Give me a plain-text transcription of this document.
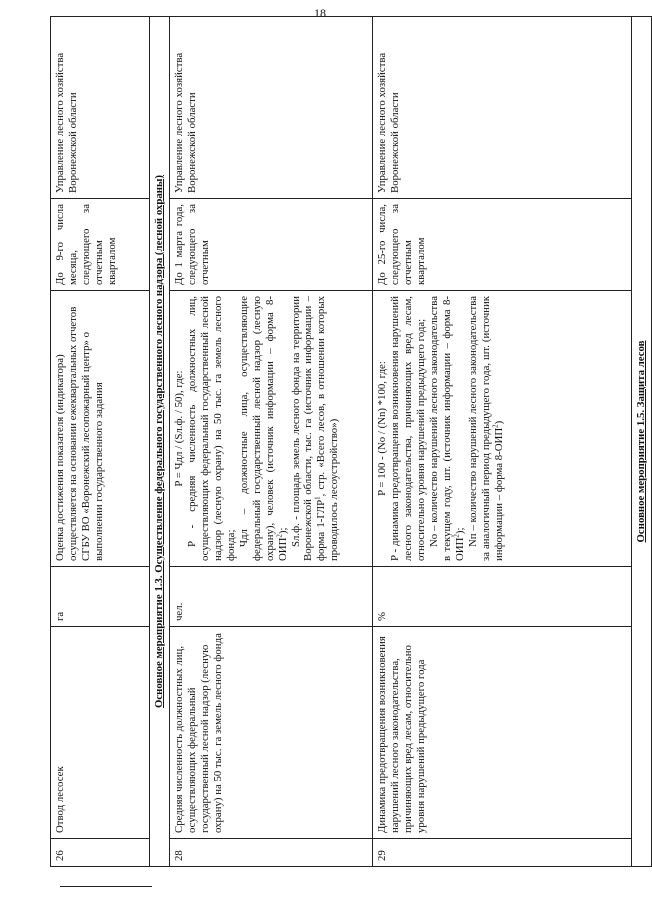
18
26	Отвод лесосек	га	Оценка достижения показателя (индикатора) осуществляется на основании ежеквартальных отчетов СГБУ ВО «Воронежский лесопожарный центр» о выполнении государственного задания	До 9-го числа месяца, следующего за отчетным кварталом	Управление лесного хозяйства Воронежской области
Основное мероприятие 1.3. Осуществление федерального государственного лесного надзора (лесной охраны)					
28	Средняя численность должностных лиц, осуществляющих федеральный государственный лесной надзор (лесную охрану) на 50 тыс. га земель лесного фонда	чел.	P = Чдл / (Sл.ф. / 50), где: P - средняя численность должностных лиц, осуществляющих федеральный государственный лесной надзор (лесную охрану) на 50 тыс. га земель лесного фонда; Чдл – должностные лица, осуществляющие федеральный государственный лесной надзор (лесную охрану), человек (источник информации – форма 8-ОИП$^2$); Sл.ф. - площадь земель лесного фонда на территории Воронежской области, тыс. га (источник информации – форма 1-ГЛР$^1$, стр. «Всего лесов, в отношении которых проводилось лесоустройство»)	До 1 марта года, следующего за отчетным	Управление лесного хозяйства Воронежской области
29	Динамика предотвращения возникновения нарушений лесного законодательства, причиняющих вред лесам, относительно уровня нарушений предыдущего года	%	P = 100 - (No / (Nn) *100, где: P - динамика предотвращения возникновения нарушений лесного законодательства, причиняющих вред лесам, относительно уровня нарушений предыдущего года; No – количество нарушений лесного законодательства в текущем году, шт. (источник информации – форма 8-ОИП$^2$); Nп – количество нарушений лесного законодательства за аналогичный период предыдущего года, шт. (источник информации – форма 8-ОИП$^2$)	До 25-го числа, следующего за отчетным кварталом	Управление лесного хозяйства Воронежской области
Основное мероприятие 1.5. Защита лесов					
